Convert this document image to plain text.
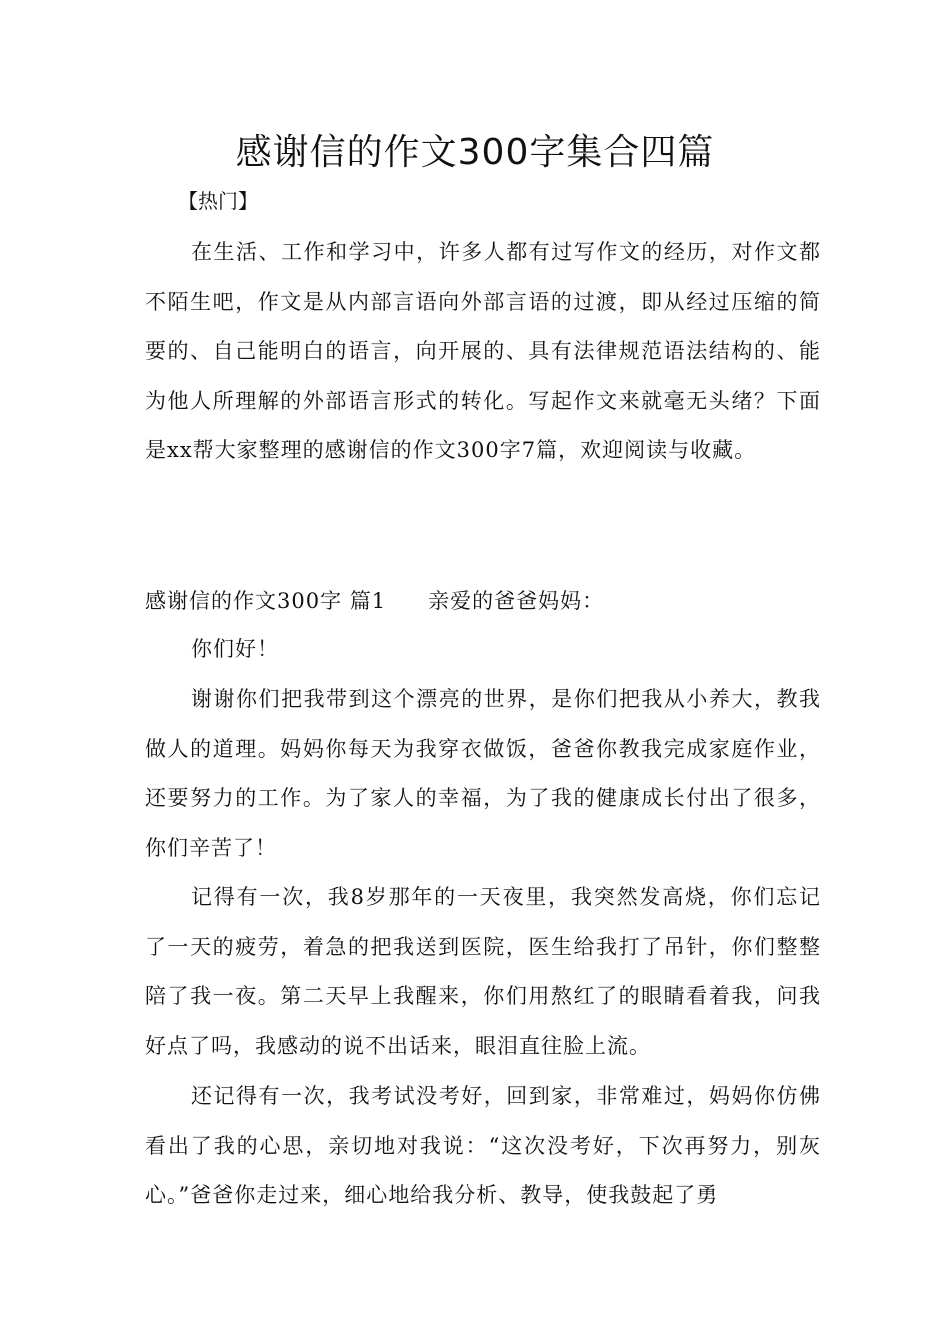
感谢信的作文300字集合四篇

【热门】

在生活、工作和学习中，许多人都有过写作文的经历，对作文都不陌生吧，作文是从内部言语向外部言语的过渡，即从经过压缩的简要的、自己能明白的语言，向开展的、具有法律规范语法结构的、能为他人所理解的外部语言形式的转化。写起作文来就毫无头绪？下面是xx帮大家整理的感谢信的作文300字7篇，欢迎阅读与收藏。

感谢信的作文300字 篇1 亲爱的爸爸妈妈：

你们好！

谢谢你们把我带到这个漂亮的世界，是你们把我从小养大，教我做人的道理。妈妈你每天为我穿衣做饭，爸爸你教我完成家庭作业，还要努力的工作。为了家人的幸福，为了我的健康成长付出了很多，你们辛苦了！

记得有一次，我8岁那年的一天夜里，我突然发高烧，你们忘记了一天的疲劳，着急的把我送到医院，医生给我打了吊针，你们整整陪了我一夜。第二天早上我醒来，你们用熬红了的眼睛看着我，问我好点了吗，我感动的说不出话来，眼泪直往脸上流。

还记得有一次，我考试没考好，回到家，非常难过，妈妈你仿佛看出了我的心思，亲切地对我说：“这次没考好，下次再努力，别灰心。”爸爸你走过来，细心地给我分析、教导，使我鼓起了勇
